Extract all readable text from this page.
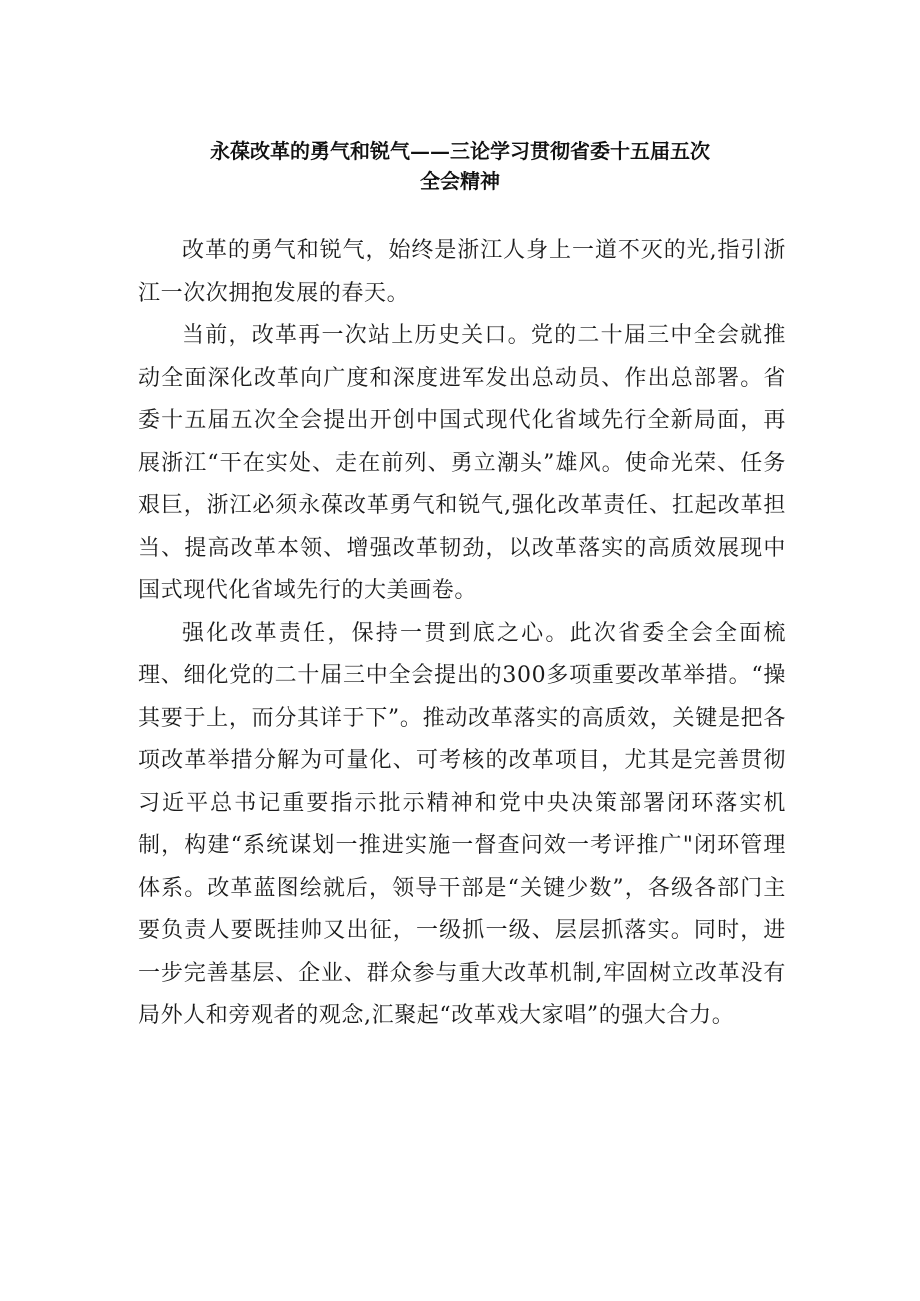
永葆改革的勇气和锐气——三论学习贯彻省委十五届五次
全会精神

改革的勇气和锐气，始终是浙江人身上一道不灭的光,指引浙江一次次拥抱发展的春天。

当前，改革再一次站上历史关口。党的二十届三中全会就推动全面深化改革向广度和深度进军发出总动员、作出总部署。省委十五届五次全会提出开创中国式现代化省域先行全新局面，再展浙江“干在实处、走在前列、勇立潮头”雄风。使命光荣、任务艰巨，浙江必须永葆改革勇气和锐气,强化改革责任、扛起改革担当、提高改革本领、增强改革韧劲，以改革落实的高质效展现中国式现代化省域先行的大美画卷。

强化改革责任，保持一贯到底之心。此次省委全会全面梳理、细化党的二十届三中全会提出的300多项重要改革举措。“操其要于上，而分其详于下”。推动改革落实的高质效，关键是把各项改革举措分解为可量化、可考核的改革项目，尤其是完善贯彻习近平总书记重要指示批示精神和党中央决策部署闭环落实机制，构建“系统谋划一推进实施一督查问效一考评推广"闭环管理体系。改革蓝图绘就后，领导干部是“关键少数”，各级各部门主要负责人要既挂帅又出征，一级抓一级、层层抓落实。同时，进一步完善基层、企业、群众参与重大改革机制,牢固树立改革没有局外人和旁观者的观念,汇聚起“改革戏大家唱”的强大合力。
